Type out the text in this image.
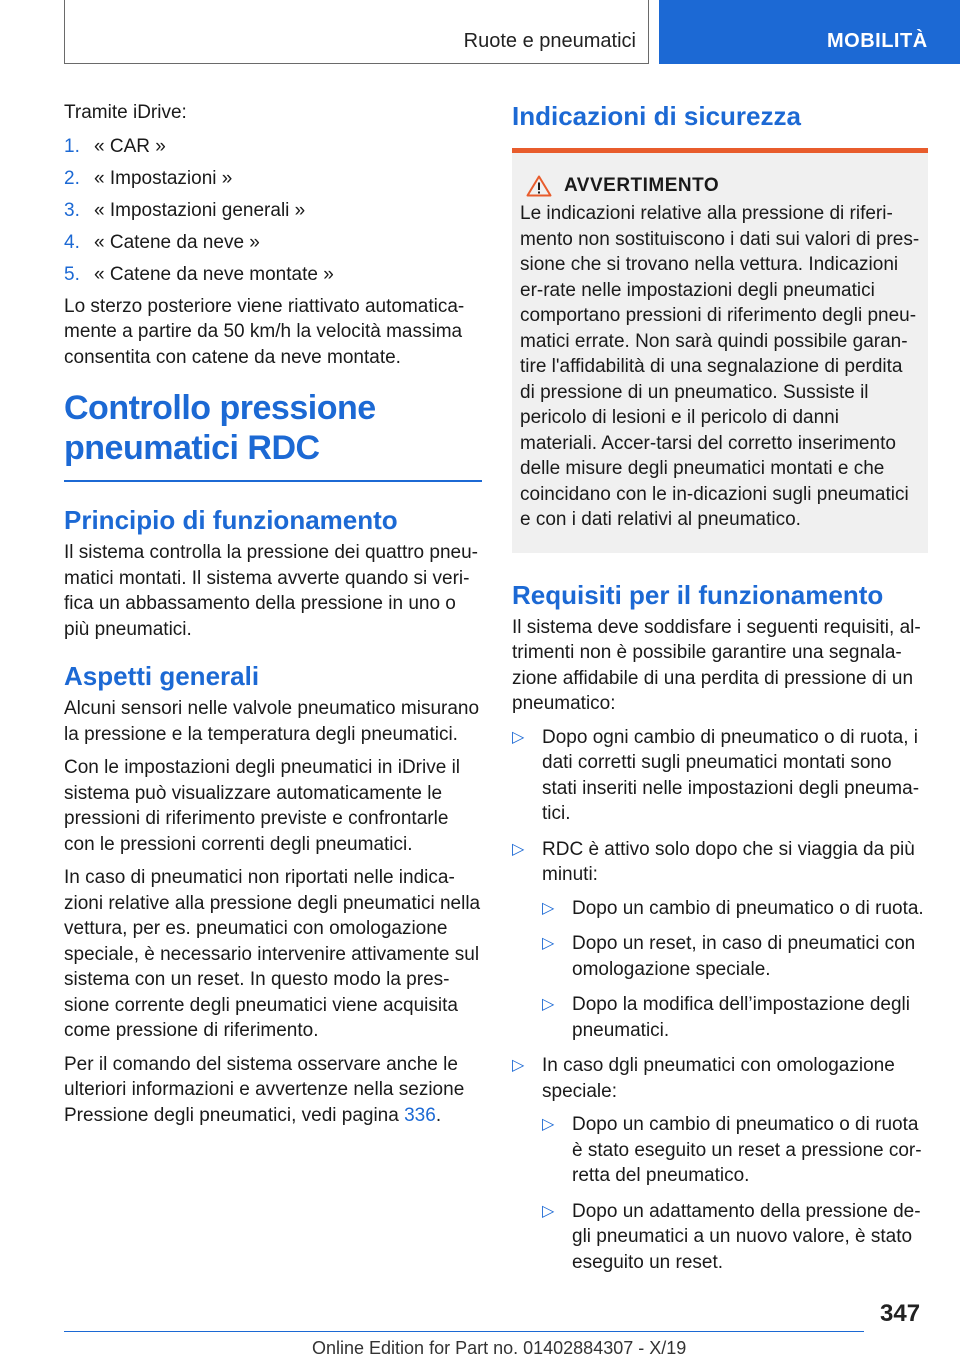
Ruote e pneumatici	MOBILITÀ

Tramite iDrive:

1. « CAR »
2. « Impostazioni »
3. « Impostazioni generali »
4. « Catene da neve »
5. « Catene da neve montate »

Lo sterzo posteriore viene riattivato automatica-mente a partire da 50 km/h la velocità massima consentita con catene da neve montate.

Controllo pressione pneumatici RDC
Principio di funzionamento

Il sistema controlla la pressione dei quattro pneu-matici montati. Il sistema avverte quando si veri-fica un abbassamento della pressione in uno o più pneumatici.

Aspetti generali

Alcuni sensori nelle valvole pneumatico misurano la pressione e la temperatura degli pneumatici.

Con le impostazioni degli pneumatici in iDrive il sistema può visualizzare automaticamente le pressioni di riferimento previste e confrontarle con le pressioni correnti degli pneumatici.

In caso di pneumatici non riportati nelle indica-zioni relative alla pressione degli pneumatici nella vettura, per es. pneumatici con omologazione speciale, è necessario intervenire attivamente sul sistema con un reset. In questo modo la pres-sione corrente degli pneumatici viene acquisita come pressione di riferimento.

Per il comando del sistema osservare anche le ulteriori informazioni e avvertenze nella sezione Pressione degli pneumatici, vedi pagina 336.

Indicazioni di sicurezza
AVVERTIMENTO

Le indicazioni relative alla pressione di riferi-mento non sostituiscono i dati sui valori di pres-sione che si trovano nella vettura. Indicazioni er-rate nelle impostazioni degli pneumatici comportano pressioni di riferimento degli pneu-matici errate. Non sarà quindi possibile garan-tire l'affidabilità di una segnalazione di perdita di pressione di un pneumatico. Sussiste il pericolo di lesioni e il pericolo di danni materiali. Accer-tarsi del corretto inserimento delle misure degli pneumatici montati e che coincidano con le in-dicazioni sugli pneumatici e con i dati relativi al pneumatico.

Requisiti per il funzionamento

Il sistema deve soddisfare i seguenti requisiti, al-trimenti non è possibile garantire una segnala-zione affidabile di una perdita di pressione di un pneumatico:

▷ Dopo ogni cambio di pneumatico o di ruota, i dati corretti sugli pneumatici montati sono stati inseriti nelle impostazioni degli pneuma-tici.
▷ RDC è attivo solo dopo che si viaggia da più minuti:
▷ Dopo un cambio di pneumatico o di ruota.
▷ Dopo un reset, in caso di pneumatici con omologazione speciale.
▷ Dopo la modifica dell’impostazione degli pneumatici.
▷ In caso dgli pneumatici con omologazione speciale:
▷ Dopo un cambio di pneumatico o di ruota è stato eseguito un reset a pressione cor-retta del pneumatico.
▷ Dopo un adattamento della pressione de-gli pneumatici a un nuovo valore, è stato eseguito un reset.
347
Online Edition for Part no. 01402884307 - X/19
